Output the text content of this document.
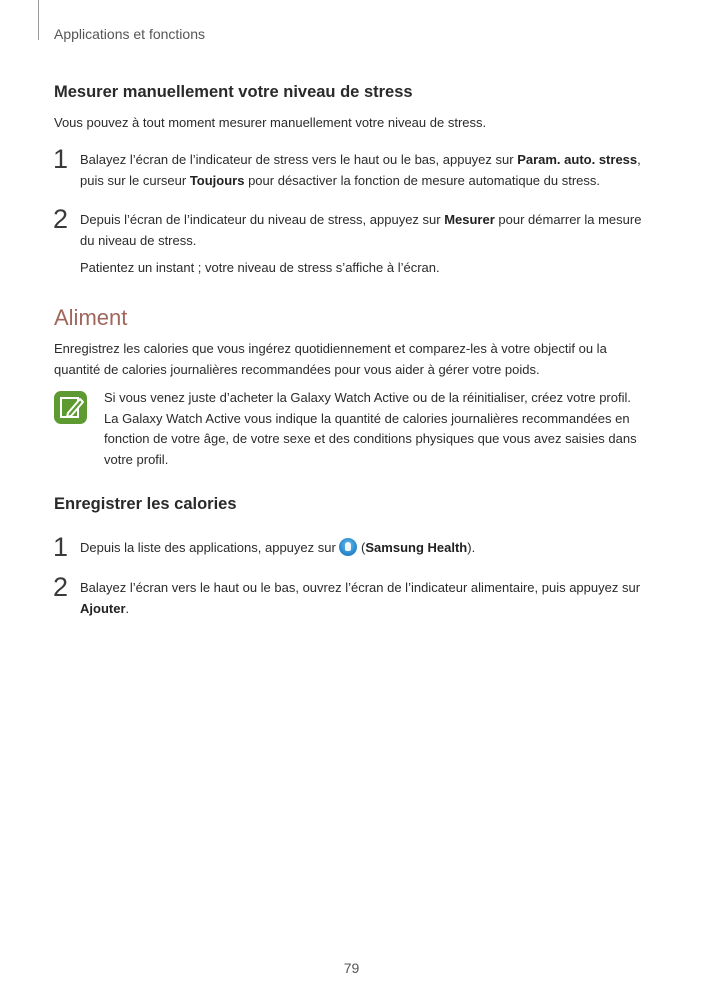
Applications et fonctions
Mesurer manuellement votre niveau de stress
Vous pouvez à tout moment mesurer manuellement votre niveau de stress.
1 Balayez l’écran de l’indicateur de stress vers le haut ou le bas, appuyez sur Param. auto. stress,
puis sur le curseur Toujours pour désactiver la fonction de mesure automatique du stress.
2 Depuis l’écran de l’indicateur du niveau de stress, appuyez sur Mesurer pour démarrer la mesure
du niveau de stress.
Patientez un instant ; votre niveau de stress s’affiche à l’écran.
Aliment
Enregistrez les calories que vous ingérez quotidiennement et comparez-les à votre objectif ou la
quantité de calories journalières recommandées pour vous aider à gérer votre poids.
Si vous venez juste d’acheter la Galaxy Watch Active ou de la réinitialiser, créez votre profil.
La Galaxy Watch Active vous indique la quantité de calories journalières recommandées en
fonction de votre âge, de votre sexe et des conditions physiques que vous avez saisies dans
votre profil.
Enregistrer les calories
1 Depuis la liste des applications, appuyez sur  (Samsung Health).
2 Balayez l’écran vers le haut ou le bas, ouvrez l’écran de l’indicateur alimentaire, puis appuyez sur
Ajouter.
79
